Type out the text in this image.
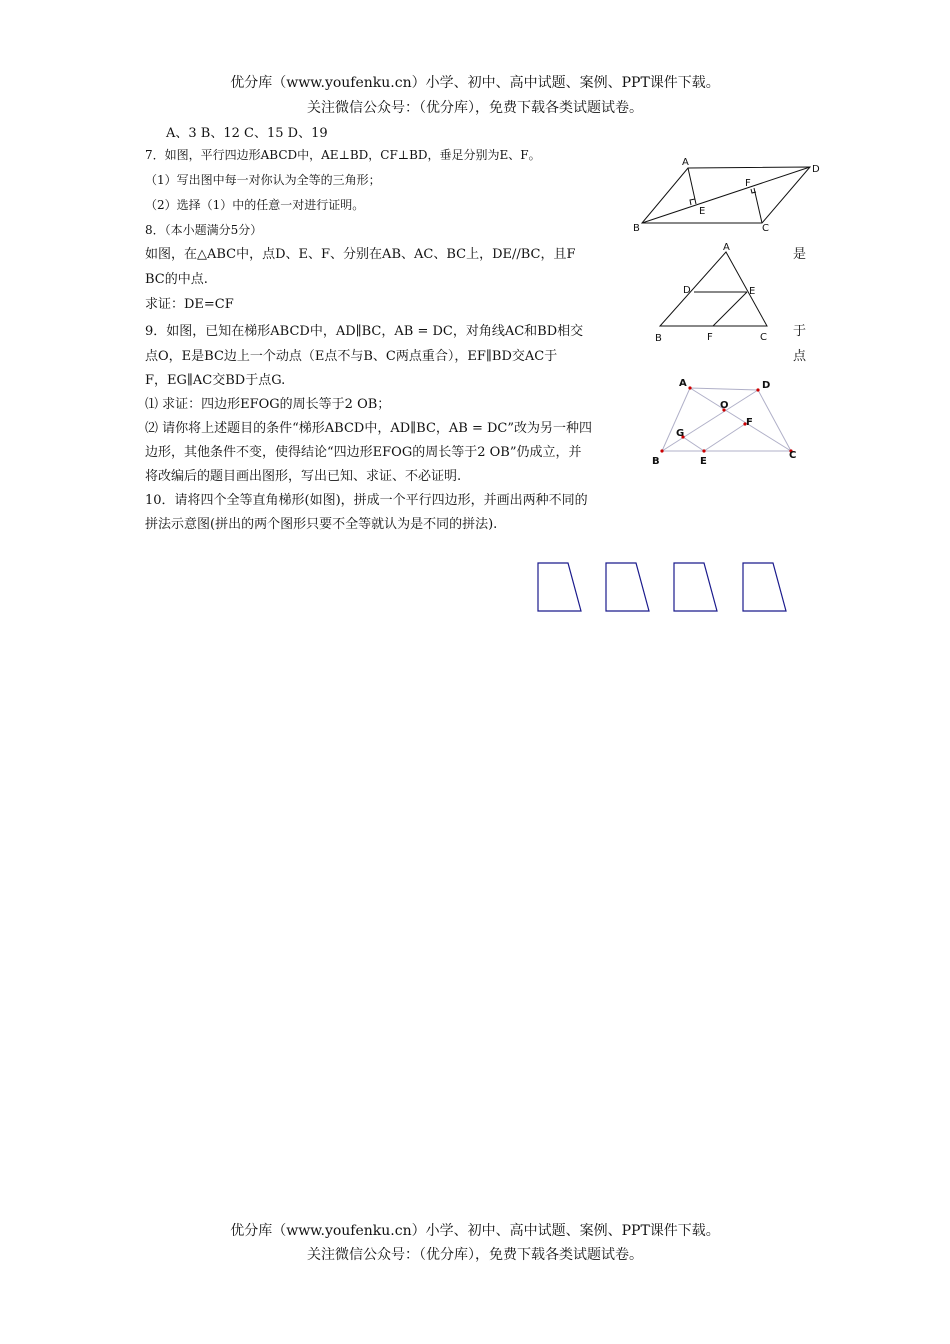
优分库（www.youfenku.cn）小学、初中、高中试题、案例、PPT课件下载。
关注微信公众号：（优分库），免费下载各类试题试卷。
A、3 B、12 C、15 D、19
7．如图，平行四边形ABCD中，AE⊥BD，CF⊥BD，垂足分别为E、F。
（1）写出图中每一对你认为全等的三角形；
（2）选择（1）中的任意一对进行证明。
A
D
B	C
E
F
8．（本小题满分5分）
如图，在△ABC中，点D、E、F、分别在AB、AC、BC上，DE//BC，且F	是
BC的中点.
求证：DE=CF
A
D	E
B	F	C
9．如图，已知在梯形ABCD中，AD∥BC，AB = DC，对角线AC和BD相交	于
点O，E是BC边上一个动点（E点不与B、C两点重合），EF∥BD交AC于	点
F，EG∥AC交BD于点G.
⑴ 求证：四边形EFOG的周长等于2 OB；
⑵ 请你将上述题目的条件“梯形ABCD中，AD∥BC，AB = DC”改为另一种四
边形，其他条件不变，使得结论“四边形EFOG的周长等于2 OB”仍成立，并
将改编后的题目画出图形，写出已知、求证、不必证明.
A	D
O
F
G
B	E
C
10．请将四个全等直角梯形(如图)，拼成一个平行四边形，并画出两种不同的
拼法示意图(拼出的两个图形只要不全等就认为是不同的拼法).
优分库（www.youfenku.cn）小学、初中、高中试题、案例、PPT课件下载。
关注微信公众号：（优分库），免费下载各类试题试卷。
